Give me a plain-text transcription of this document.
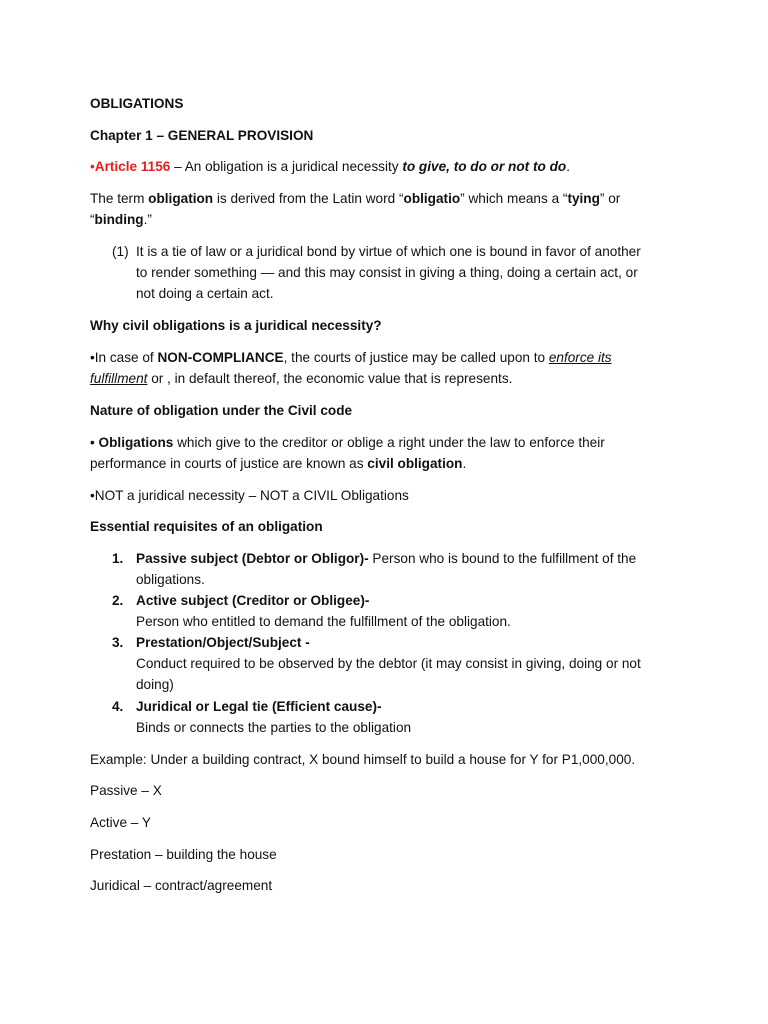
OBLIGATIONS

Chapter 1 – GENERAL PROVISION

•Article 1156 – An obligation is a juridical necessity to give, to do or not to do.

The term obligation is derived from the Latin word “obligatio” which means a “tying” or

“binding.”

(1) It is a tie of law or a juridical bond by virtue of which one is bound in favor of another

to render something — and this may consist in giving a thing, doing a certain act, or

not doing a certain act.

Why civil obligations is a juridical necessity?

•In case of NON-COMPLIANCE, the courts of justice may be called upon to enforce its

fulfillment or , in default thereof, the economic value that is represents.

Nature of obligation under the Civil code

• Obligations which give to the creditor or oblige a right under the law to enforce their

performance in courts of justice are known as civil obligation.

•NOT a juridical necessity – NOT a CIVIL Obligations

Essential requisites of an obligation

1. Passive subject (Debtor or Obligor)- Person who is bound to the fulfillment of the

obligations.

2. Active subject (Creditor or Obligee)-

Person who entitled to demand the fulfillment of the obligation.

3. Prestation/Object/Subject -

Conduct required to be observed by the debtor (it may consist in giving, doing or not

doing)

4. Juridical or Legal tie (Efficient cause)-

Binds or connects the parties to the obligation

Example: Under a building contract, X bound himself to build a house for Y for P1,000,000.

Passive – X

Active – Y

Prestation – building the house

Juridical – contract/agreement
